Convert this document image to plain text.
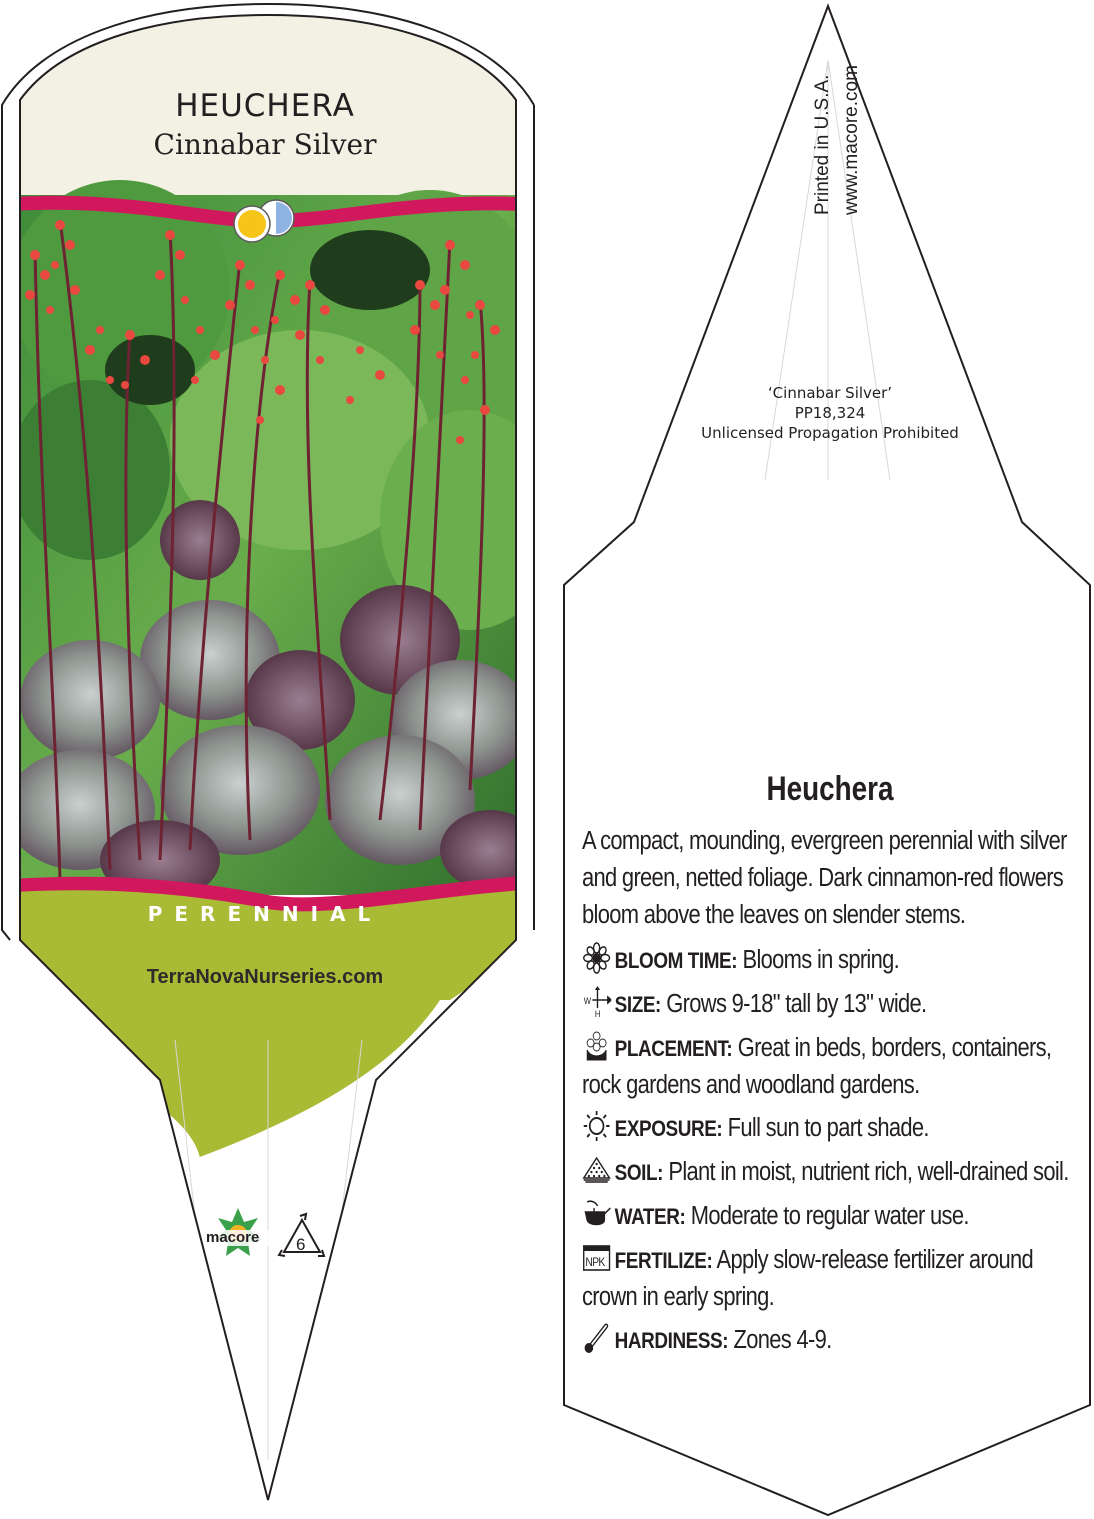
HEUCHERA
Cinnabar Silver
PERENNIAL
TerraNovaNurseries.com
macore 6
Printed in U.S.A. www.macore.com
‘Cinnabar Silver’
PP18,324
Unlicensed Propagation Prohibited
Heuchera
A compact, mounding, evergreen perennial with silver and green, netted foliage. Dark cinnamon-red flowers bloom above the leaves on slender stems.
BLOOM TIME: Blooms in spring.
W
H SIZE: Grows 9-18" tall by 13" wide.
PLACEMENT: Great in beds, borders, containers, rock gardens and woodland gardens.
EXPOSURE: Full sun to part shade.
SOIL: Plant in moist, nutrient rich, well-drained soil.
WATER: Moderate to regular water use.
NPK FERTILIZE: Apply slow-release fertilizer around crown in early spring.
HARDINESS: Zones 4-9.
